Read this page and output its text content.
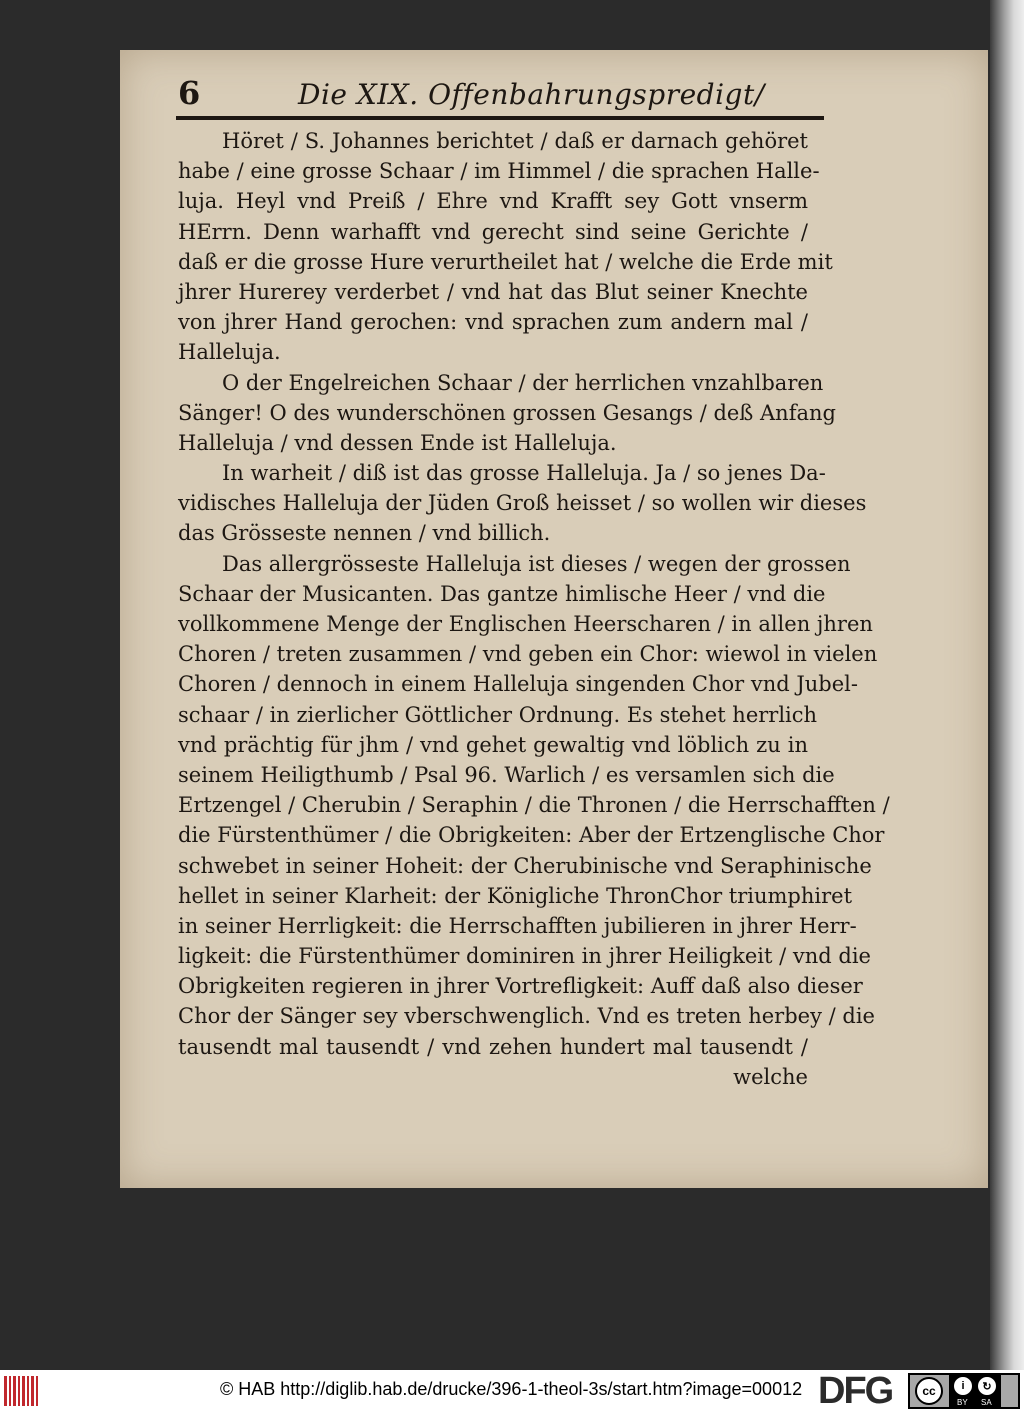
6	Die XIX. Offenbahrungspredigt/
Höret / S. Johannes berichtet / daß er darnach gehöret
habe / eine grosse Schaar / im Himmel / die sprachen Halle-
luja. Heyl vnd Preiß / Ehre vnd Krafft sey Gott vnserm
HErrn. Denn warhafft vnd gerecht sind seine Gerichte /
daß er die grosse Hure verurtheilet hat / welche die Erde mit
jhrer Hurerey verderbet / vnd hat das Blut seiner Knechte
von jhrer Hand gerochen: vnd sprachen zum andern mal /
Halleluja.
O der Engelreichen Schaar / der herrlichen vnzahlbaren
Sänger! O des wunderschönen grossen Gesangs / deß Anfang
Halleluja / vnd dessen Ende ist Halleluja.
In warheit / diß ist das grosse Halleluja. Ja / so jenes Da-
vidisches Halleluja der Jüden Groß heisset / so wollen wir dieses
das Grösseste nennen / vnd billich.
Das allergrösseste Halleluja ist dieses / wegen der grossen
Schaar der Musicanten. Das gantze himlische Heer / vnd die
vollkommene Menge der Englischen Heerscharen / in allen jhren
Choren / treten zusammen / vnd geben ein Chor: wiewol in vielen
Choren / dennoch in einem Halleluja singenden Chor vnd Jubel-
schaar / in zierlicher Göttlicher Ordnung. Es stehet herrlich
vnd prächtig für jhm / vnd gehet gewaltig vnd löblich zu in
seinem Heiligthumb / Psal 96. Warlich / es versamlen sich die
Ertzengel / Cherubin / Seraphin / die Thronen / die Herrschafften /
die Fürstenthümer / die Obrigkeiten: Aber der Ertzenglische Chor
schwebet in seiner Hoheit: der Cherubinische vnd Seraphinische
hellet in seiner Klarheit: der Königliche ThronChor triumphiret
in seiner Herrligkeit: die Herrschafften jubilieren in jhrer Herr-
ligkeit: die Fürstenthümer dominiren in jhrer Heiligkeit / vnd die
Obrigkeiten regieren in jhrer Vortrefligkeit: Auff daß also dieser
Chor der Sänger sey vberschwenglich. Vnd es treten herbey / die
tausendt mal tausendt / vnd zehen hundert mal tausendt /
welche
© HAB http://diglib.hab.de/drucke/396-1-theol-3s/start.htm?image=00012 DFG	cc	i	↻
BY SA
